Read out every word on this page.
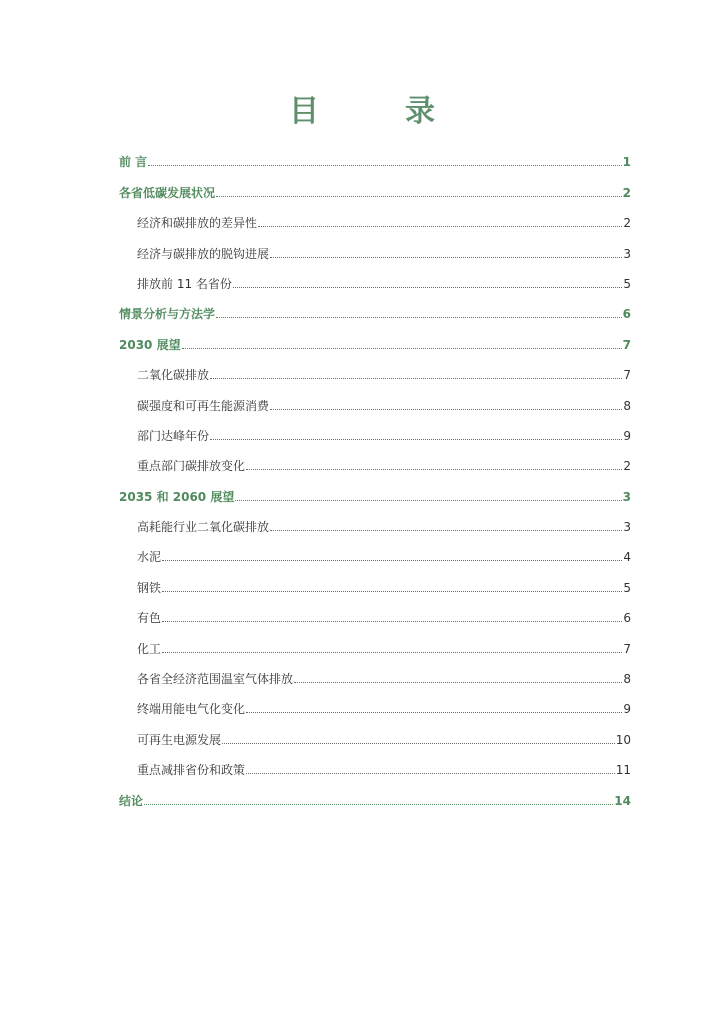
目　录
前 言	1
各省低碳发展状况	2
经济和碳排放的差异性	2
经济与碳排放的脱钩进展	3
排放前 11 名省份	5
情景分析与方法学	6
2030 展望	7
二氧化碳排放	7
碳强度和可再生能源消费	8
部门达峰年份	9
重点部门碳排放变化	2
2035 和 2060 展望	3
高耗能行业二氧化碳排放	3
水泥	4
钢铁	5
有色	6
化工	7
各省全经济范围温室气体排放	8
终端用能电气化变化	9
可再生电源发展	10
重点减排省份和政策	11
结论	14
